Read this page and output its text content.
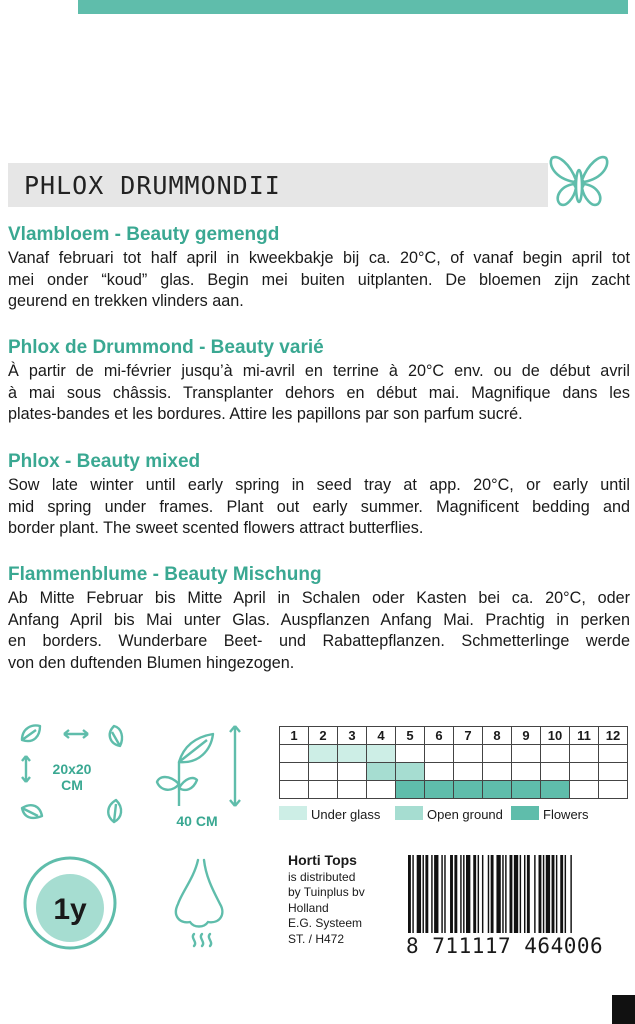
PHLOX DRUMMONDII
Vlambloem - Beauty gemengd

Vanaf februari tot half april in kweekbakje bij ca. 20°C, of vanaf begin april tot
mei onder “koud” glas. Begin mei buiten uitplanten. De bloemen zijn zacht
geurend en trekken vlinders aan.

Phlox de Drummond - Beauty varié

À partir de mi-février jusqu’à mi-avril en terrine à 20°C env. ou de début avril
à mai sous châssis. Transplanter dehors en début mai. Magnifique dans les
plates-bandes et les bordures. Attire les papillons par son parfum sucré.

Phlox - Beauty mixed

Sow late winter until early spring in seed tray at app. 20°C, or early until
mid spring under frames. Plant out early summer. Magnificent bedding and
border plant. The sweet scented flowers attract butterflies.

Flammenblume - Beauty Mischung

Ab Mitte Februar bis Mitte April in Schalen oder Kasten bei ca. 20°C, oder
Anfang April bis Mai unter Glas. Auspflanzen Anfang Mai. Prachtig in perken
en borders. Wunderbare Beet- und Rabattepflanzen. Schmetterlinge werde
von den duftenden Blumen hingezogen.

20x20
CM
40 CM
1	2	3	4	5	6	7	8	9	10	11	12

Under glass	Open ground	Flowers
1y
Horti Tops
is distributed
by Tuinplus bv
Holland
E.G. Systeem
ST. / H472	8 711117 464006
